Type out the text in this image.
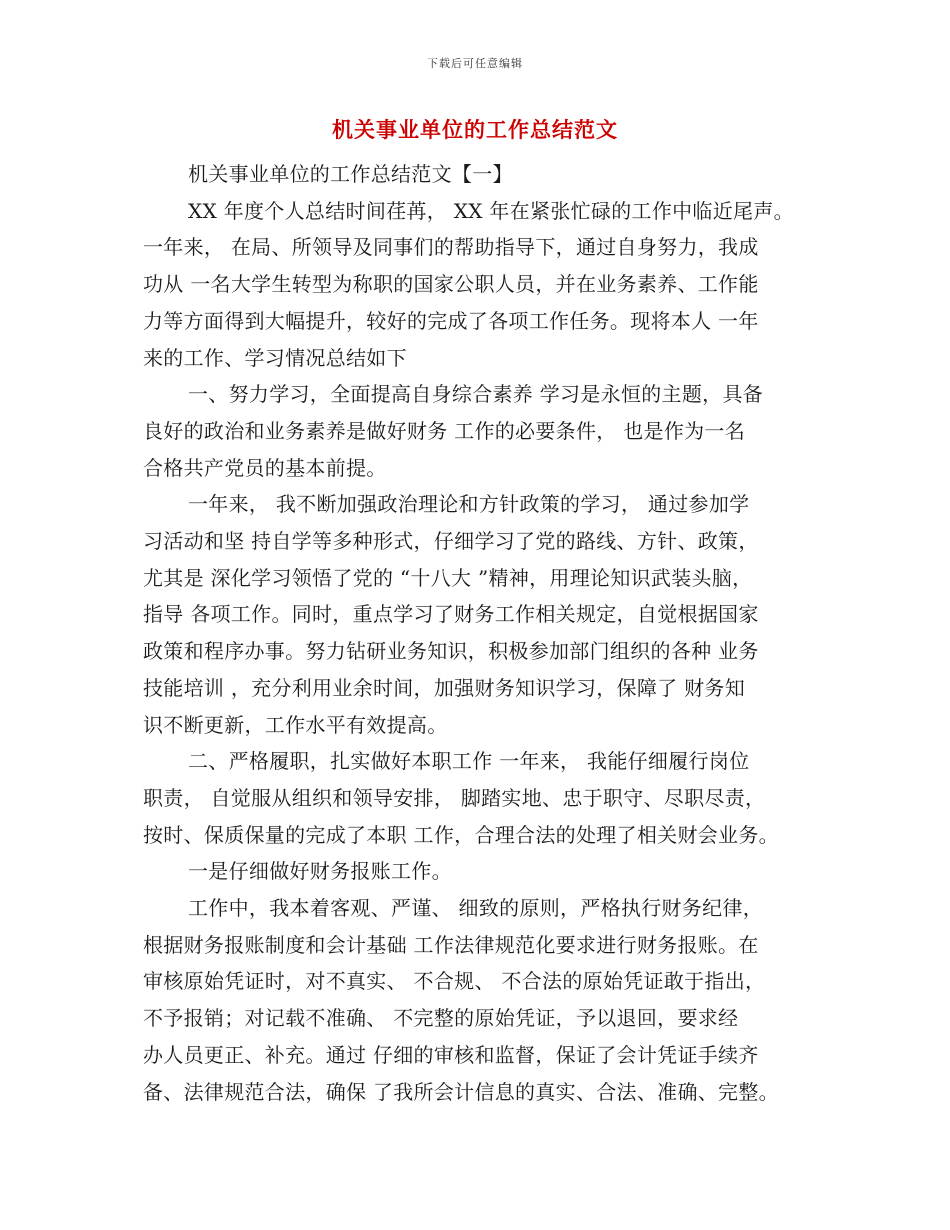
下载后可任意编辑
机关事业单位的工作总结范文
机关事业单位的工作总结范文【一】
XX 年度个人总结时间荏苒， XX 年在紧张忙碌的工作中临近尾声。
一年来， 在局、所领导及同事们的帮助指导下，通过自身努力，我成
功从 一名大学生转型为称职的国家公职人员，并在业务素养、工作能
力等方面得到大幅提升，较好的完成了各项工作任务。现将本人 一年
来的工作、学习情况总结如下
一、努力学习，全面提高自身综合素养 学习是永恒的主题，具备
良好的政治和业务素养是做好财务 工作的必要条件， 也是作为一名
合格共产党员的基本前提。
一年来， 我不断加强政治理论和方针政策的学习， 通过参加学
习活动和坚 持自学等多种形式，仔细学习了党的路线、方针、政策，
尤其是 深化学习领悟了党的 “十八大 ”精神，用理论知识武装头脑，
指导 各项工作。同时，重点学习了财务工作相关规定，自觉根据国家
政策和程序办事。努力钻研业务知识，积极参加部门组织的各种 业务
技能培训 ，充分利用业余时间，加强财务知识学习，保障了 财务知
识不断更新，工作水平有效提高。
二、严格履职，扎实做好本职工作 一年来， 我能仔细履行岗位
职责， 自觉服从组织和领导安排， 脚踏实地、忠于职守、尽职尽责，
按时、保质保量的完成了本职 工作，合理合法的处理了相关财会业务。
一是仔细做好财务报账工作。
工作中，我本着客观、严谨、 细致的原则，严格执行财务纪律，
根据财务报账制度和会计基础 工作法律规范化要求进行财务报账。在
审核原始凭证时，对不真实、 不合规、 不合法的原始凭证敢于指出，
不予报销；对记载不准确、 不完整的原始凭证，予以退回，要求经
办人员更正、补充。通过 仔细的审核和监督，保证了会计凭证手续齐
备、法律规范合法，确保 了我所会计信息的真实、合法、准确、完整。
